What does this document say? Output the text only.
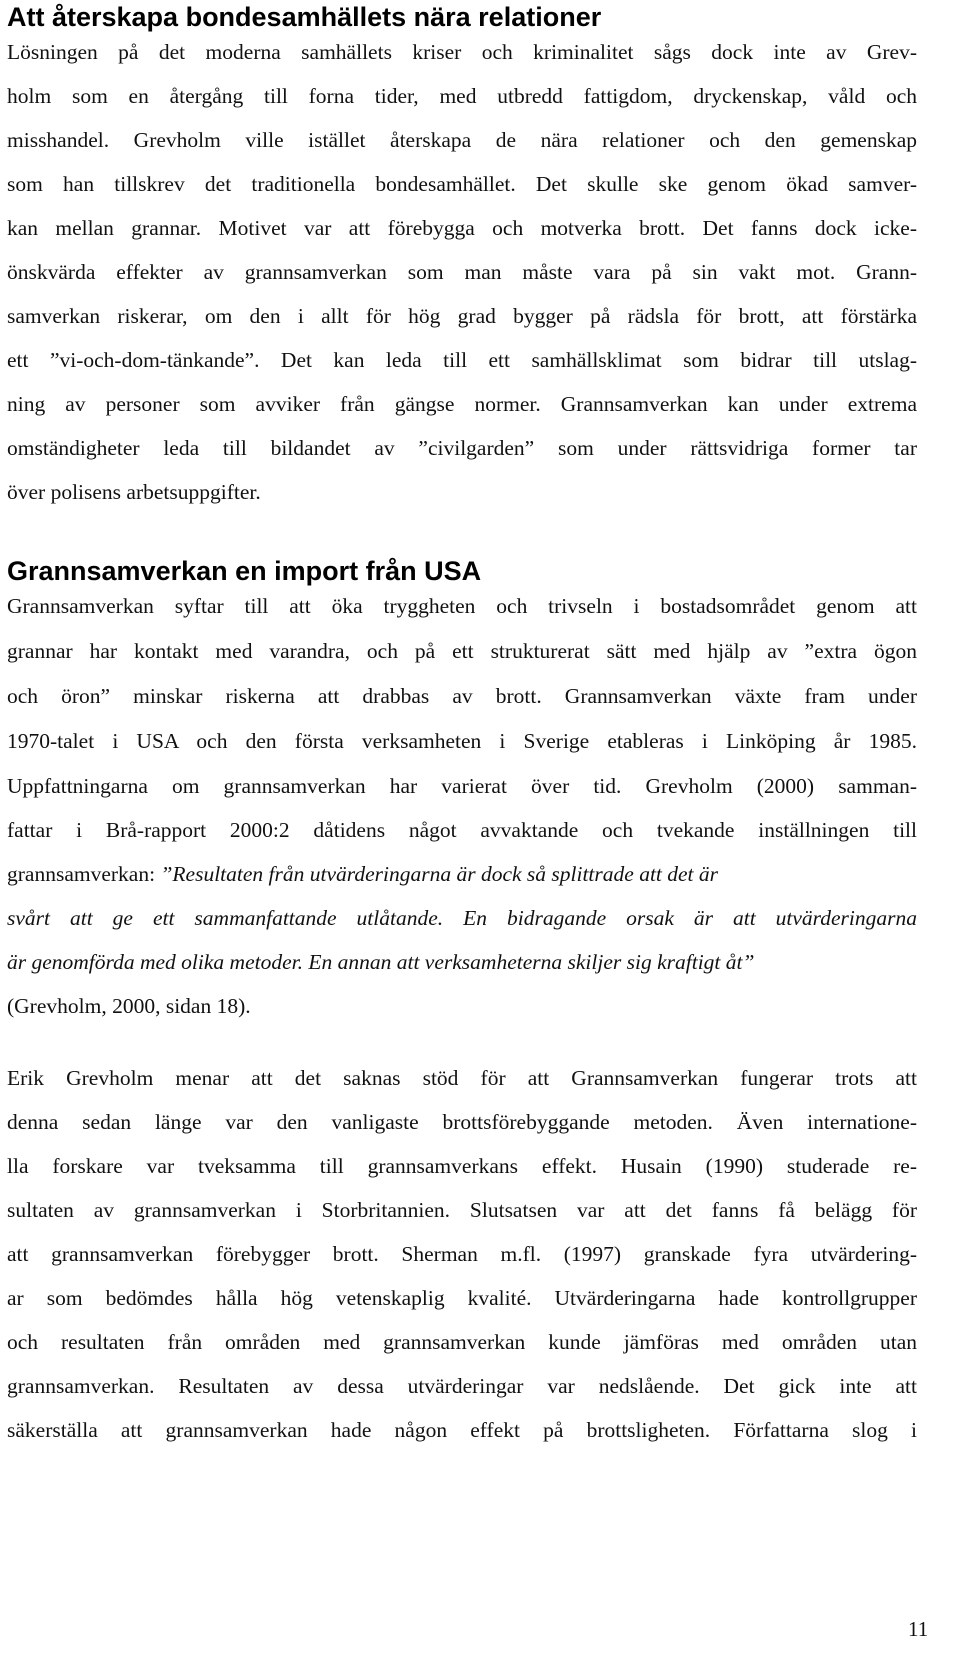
Att återskapa bondesamhällets nära relationer
Lösningen på det moderna samhällets kriser och kriminalitet sågs dock inte av Grev-
holm som en återgång till forna tider, med utbredd fattigdom, dryckenskap, våld och
misshandel. Grevholm ville istället återskapa de nära relationer och den gemenskap
som han tillskrev det traditionella bondesamhället. Det skulle ske genom ökad samver-
kan mellan grannar. Motivet var att förebygga och motverka brott. Det fanns dock icke-
önskvärda effekter av grannsamverkan som man måste vara på sin vakt mot. Grann-
samverkan riskerar, om den i allt för hög grad bygger på rädsla för brott, att förstärka
ett ”vi-och-dom-tänkande”. Det kan leda till ett samhällsklimat som bidrar till utslag-
ning av personer som avviker från gängse normer. Grannsamverkan kan under extrema
omständigheter leda till bildandet av ”civilgarden” som under rättsvidriga former tar
över polisens arbetsuppgifter.
Grannsamverkan en import från USA
Grannsamverkan syftar till att öka tryggheten och trivseln i bostadsområdet genom att
grannar har kontakt med varandra, och på ett strukturerat sätt med hjälp av ”extra ögon
och öron” minskar riskerna att drabbas av brott. Grannsamverkan växte fram under
1970-talet i USA och den första verksamheten i Sverige etableras i Linköping år 1985.
Uppfattningarna om grannsamverkan har varierat över tid. Grevholm (2000) samman-
fattar i Brå-rapport 2000:2 dåtidens något avvaktande och tvekande inställningen till
grannsamverkan: ”Resultaten från utvärderingarna är dock så splittrade att det är
svårt att ge ett sammanfattande utlåtande. En bidragande orsak är att utvärderingarna
är genomförda med olika metoder. En annan att verksamheterna skiljer sig kraftigt åt”
(Grevholm, 2000, sidan 18).
Erik Grevholm menar att det saknas stöd för att Grannsamverkan fungerar trots att
denna sedan länge var den vanligaste brottsförebyggande metoden. Även internatione-
lla forskare var tveksamma till grannsamverkans effekt. Husain (1990) studerade re-
sultaten av grannsamverkan i Storbritannien. Slutsatsen var att det fanns få belägg för
att grannsamverkan förebygger brott. Sherman m.fl. (1997) granskade fyra utvärdering-
ar som bedömdes hålla hög vetenskaplig kvalité. Utvärderingarna hade kontrollgrupper
och resultaten från områden med grannsamverkan kunde jämföras med områden utan
grannsamverkan. Resultaten av dessa utvärderingar var nedslående. Det gick inte att
säkerställa att grannsamverkan hade någon effekt på brottsligheten. Författarna slog i
11
